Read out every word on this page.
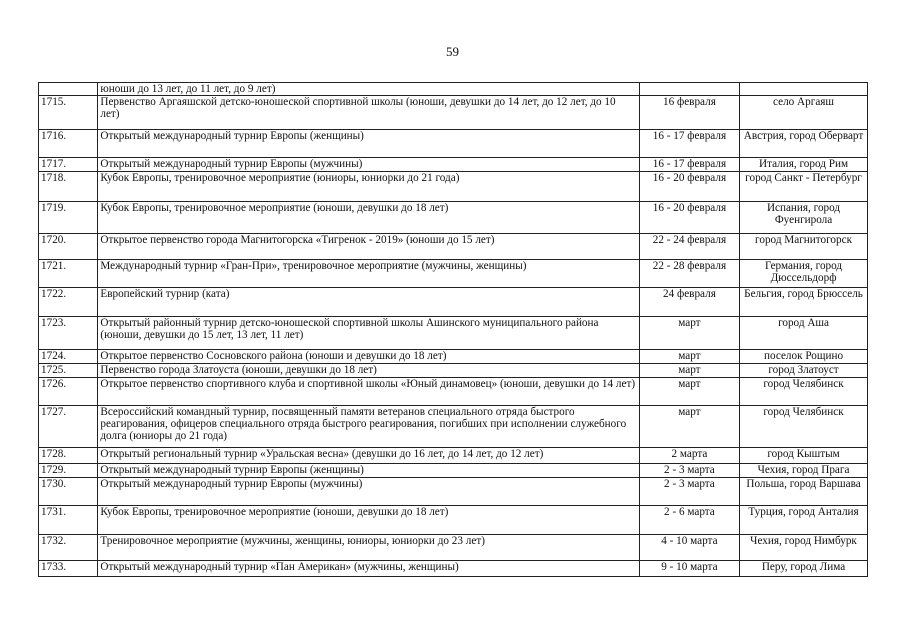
59
	юноши до 13 лет, до 11 лет, до 9 лет)		
1715.	Первенство Аргаяшской детско-юношеской спортивной школы (юноши, девушки до 14 лет, до 12 лет, до 10 лет)	16 февраля	село Аргаяш
1716.	Открытый международный турнир Европы (женщины)	16 - 17 февраля	Австрия, город Оберварт
1717.	Открытый международный турнир Европы (мужчины)	16 - 17 февраля	Италия, город Рим
1718.	Кубок Европы, тренировочное мероприятие (юниоры, юниорки до 21 года)	16 - 20 февраля	город Санкт - Петербург
1719.	Кубок Европы, тренировочное мероприятие (юноши, девушки до 18 лет)	16 - 20 февраля	Испания, город Фуенгирола
1720.	Открытое первенство города Магнитогорска «Тигренок - 2019» (юноши до 15 лет)	22 - 24 февраля	город Магнитогорск
1721.	Международный турнир «Гран-При», тренировочное мероприятие (мужчины, женщины)	22 - 28 февраля	Германия, город Дюссельдорф
1722.	Европейский турнир (ката)	24 февраля	Бельгия, город Брюссель
1723.	Открытый районный турнир детско-юношеской спортивной школы Ашинского муниципального района (юноши, девушки до 15 лет, 13 лет, 11 лет)	март	город Аша
1724.	Открытое первенство Сосновского района (юноши и девушки до 18 лет)	март	поселок Рощино
1725.	Первенство города Златоуста (юноши, девушки до 18 лет)	март	город Златоуст
1726.	Открытое первенство спортивного клуба и спортивной школы «Юный динамовец» (юноши, девушки до 14 лет)	март	город Челябинск
1727.	Всероссийский командный турнир, посвященный памяти ветеранов специального отряда быстрого реагирования, офицеров специального отряда быстрого реагирования, погибших при исполнении служебного долга (юниоры до 21 года)	март	город Челябинск
1728.	Открытый региональный турнир «Уральская весна» (девушки до 16 лет, до 14 лет, до 12 лет)	2 марта	город Кыштым
1729.	Открытый международный турнир Европы (женщины)	2 - 3 марта	Чехия, город Прага
1730.	Открытый международный турнир Европы (мужчины)	2 - 3 марта	Польша, город Варшава
1731.	Кубок Европы, тренировочное мероприятие (юноши, девушки до 18 лет)	2 - 6 марта	Турция, город Анталия
1732.	Тренировочное мероприятие (мужчины, женщины, юниоры, юниорки до 23 лет)	4 - 10 марта	Чехия, город Нимбурк
1733.	Открытый международный турнир «Пан Американ» (мужчины, женщины)	9 - 10 марта	Перу, город Лима
